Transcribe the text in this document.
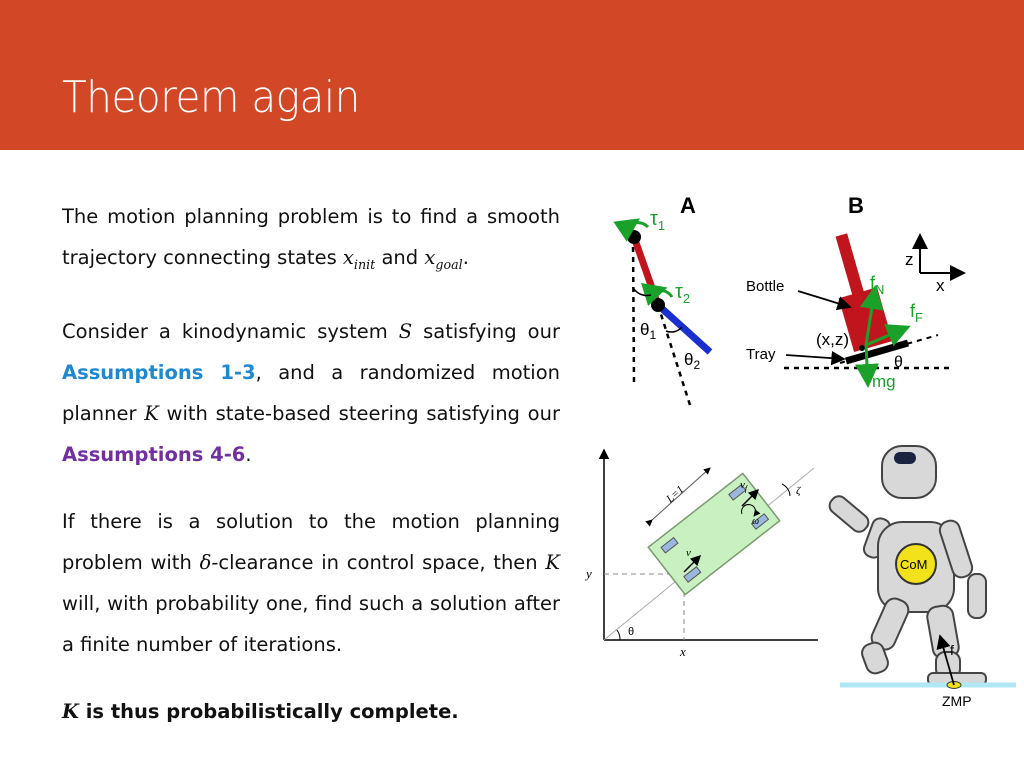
Theorem again

The motion planning problem is to find a smooth trajectory connecting states $x_{init}$ and $x_{goal}$.

Consider a kinodynamic system S satisfying our Assumptions 1-3, and a randomized motion planner K with state-based steering satisfying our Assumptions 4-6.

If there is a solution to the motion planning problem with δ-clearance in control space, then K will, with probability one, find such a solution after a finite number of iterations.

K is thus probabilistically complete.

A
$\tau_1$
$\tau_2$
$\theta_1$
$\theta_2$
B
z
x
$f_N$
$f_F$
mg
(x,z)
θ
Bottle
Tray
y
x
θ
L=1
v
$v_f$
ω
ζ
CoM
f
ZMP
